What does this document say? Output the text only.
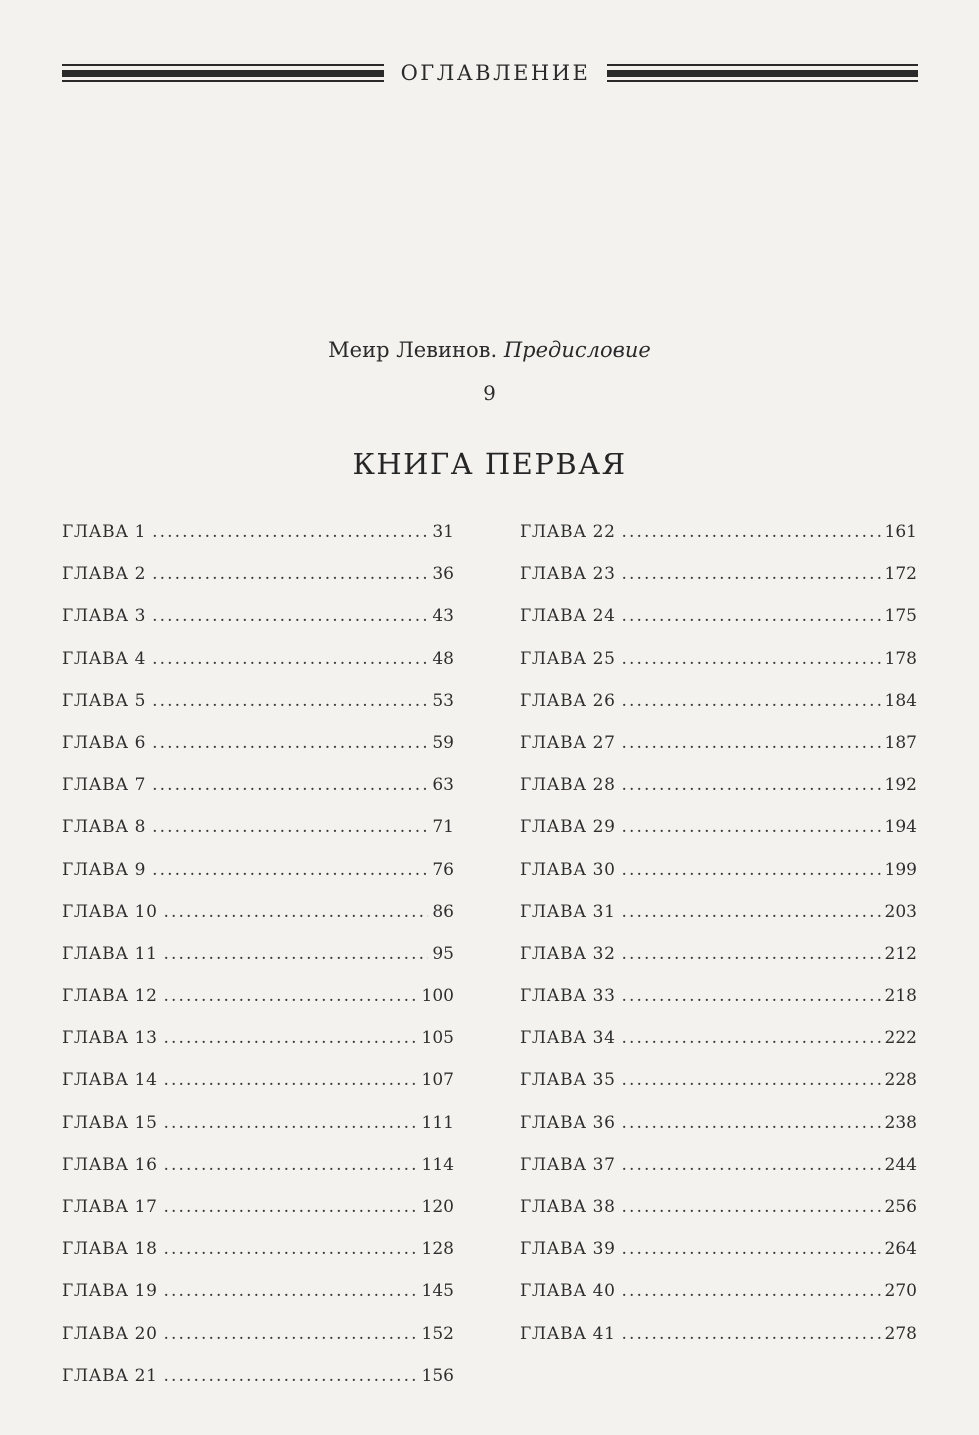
ОГЛАВЛЕНИЕ
Меир Левинов. Предисловие
9
КНИГА ПЕРВАЯ
ГЛАВА 1 .....	31
ГЛАВА 2 .....	36
ГЛАВА 3 .....	43
ГЛАВА 4 .....	48
ГЛАВА 5 .....	53
ГЛАВА 6 .....	59
ГЛАВА 7 .....	63
ГЛАВА 8 .....	71
ГЛАВА 9 .....	76
ГЛАВА 10 .....	86
ГЛАВА 11 .....	95
ГЛАВА 12 .....	100
ГЛАВА 13 .....	105
ГЛАВА 14 .....	107
ГЛАВА 15 .....	111
ГЛАВА 16 .....	114
ГЛАВА 17 .....	120
ГЛАВА 18 .....	128
ГЛАВА 19 .....	145
ГЛАВА 20 .....	152
ГЛАВА 21 .....	156
ГЛАВА 22 .....	161
ГЛАВА 23 .....	172
ГЛАВА 24 .....	175
ГЛАВА 25 .....	178
ГЛАВА 26 .....	184
ГЛАВА 27 .....	187
ГЛАВА 28 .....	192
ГЛАВА 29 .....	194
ГЛАВА 30 .....	199
ГЛАВА 31 .....	203
ГЛАВА 32 .....	212
ГЛАВА 33 .....	218
ГЛАВА 34 .....	222
ГЛАВА 35 .....	228
ГЛАВА 36 .....	238
ГЛАВА 37 .....	244
ГЛАВА 38 .....	256
ГЛАВА 39 .....	264
ГЛАВА 40 .....	270
ГЛАВА 41 .....	278
